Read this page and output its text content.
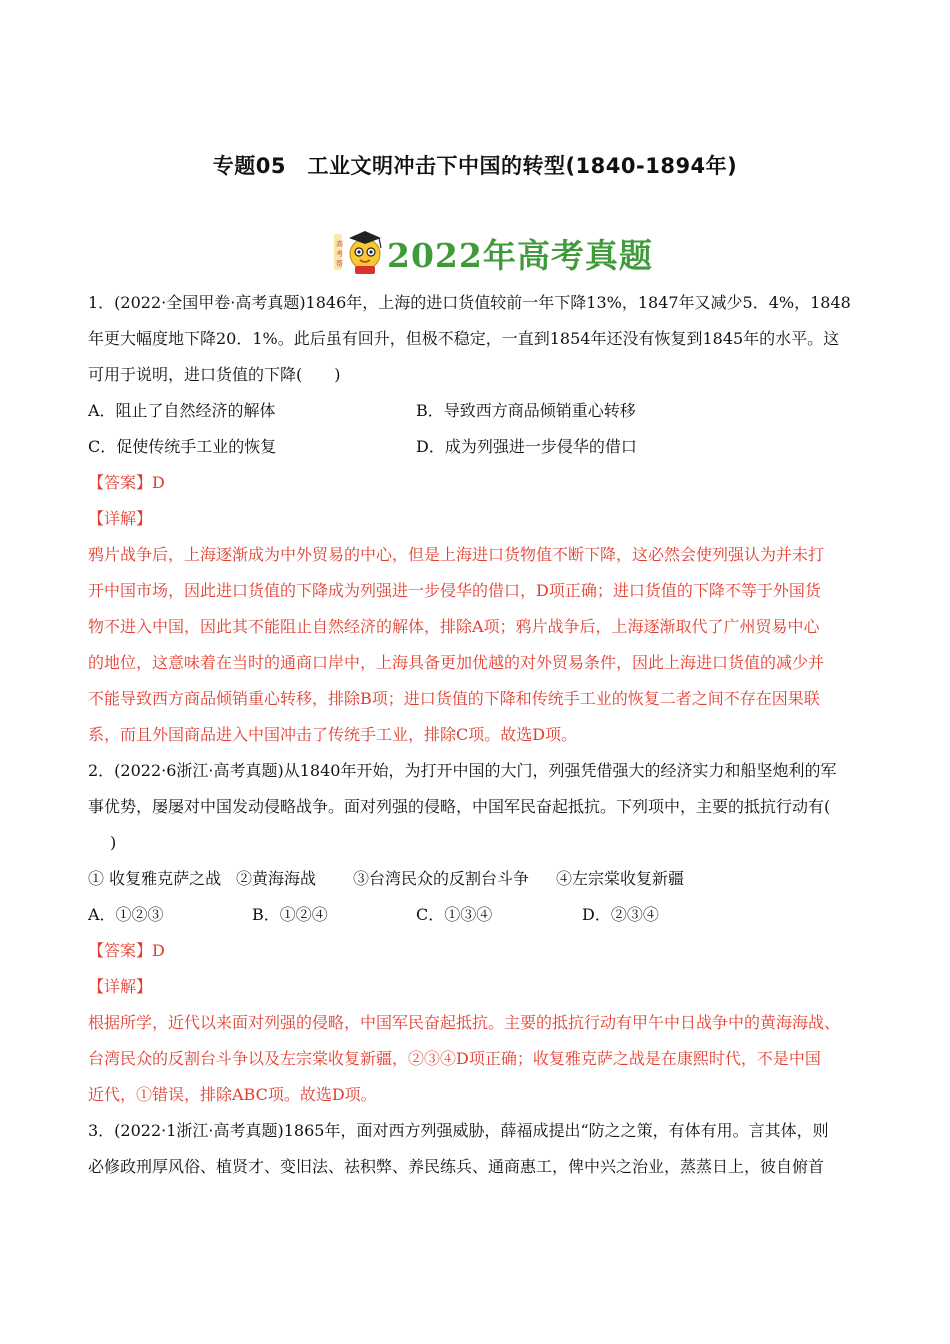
专题05　工业文明冲击下中国的转型(1840-1894年)
高
考
帮 2022年高考真题
1．(2022·全国甲卷·高考真题)1846年，上海的进口货值较前一年下降13%，1847年又减少5．4%，1848
年更大幅度地下降20．1%。此后虽有回升，但极不稳定，一直到1854年还没有恢复到1845年的水平。这
可用于说明，进口货值的下降(　　)
A．阻止了自然经济的解体	B．导致西方商品倾销重心转移
C．促使传统手工业的恢复	D．成为列强进一步侵华的借口
【答案】D
【详解】
鸦片战争后，上海逐渐成为中外贸易的中心，但是上海进口货物值不断下降，这必然会使列强认为并未打
开中国市场，因此进口货值的下降成为列强进一步侵华的借口，D项正确；进口货值的下降不等于外国货
物不进入中国，因此其不能阻止自然经济的解体，排除A项；鸦片战争后，上海逐渐取代了广州贸易中心
的地位，这意味着在当时的通商口岸中，上海具备更加优越的对外贸易条件，因此上海进口货值的减少并
不能导致西方商品倾销重心转移，排除B项；进口货值的下降和传统手工业的恢复二者之间不存在因果联
系，而且外国商品进入中国冲击了传统手工业，排除C项。故选D项。
2．(2022·6浙江·高考真题)从1840年开始，为打开中国的大门，列强凭借强大的经济实力和船坚炮利的军
事优势，屡屡对中国发动侵略战争。面对列强的侵略，中国军民奋起抵抗。下列项中，主要的抵抗行动有(
)
① 收复雅克萨之战 ②黄海海战 ③台湾民众的反割台斗争 ④左宗棠收复新疆
A．①②③	B．①②④	C．①③④	D．②③④
【答案】D
【详解】
根据所学，近代以来面对列强的侵略，中国军民奋起抵抗。主要的抵抗行动有甲午中日战争中的黄海海战、
台湾民众的反割台斗争以及左宗棠收复新疆，②③④D项正确；收复雅克萨之战是在康熙时代，不是中国
近代，①错误，排除ABC项。故选D项。
3．(2022·1浙江·高考真题)1865年，面对西方列强威胁，薛福成提出“防之之策，有体有用。言其体，则
必修政刑厚风俗、植贤才、变旧法、祛积弊、养民练兵、通商惠工，俾中兴之治业，蒸蒸日上，彼自俯首
